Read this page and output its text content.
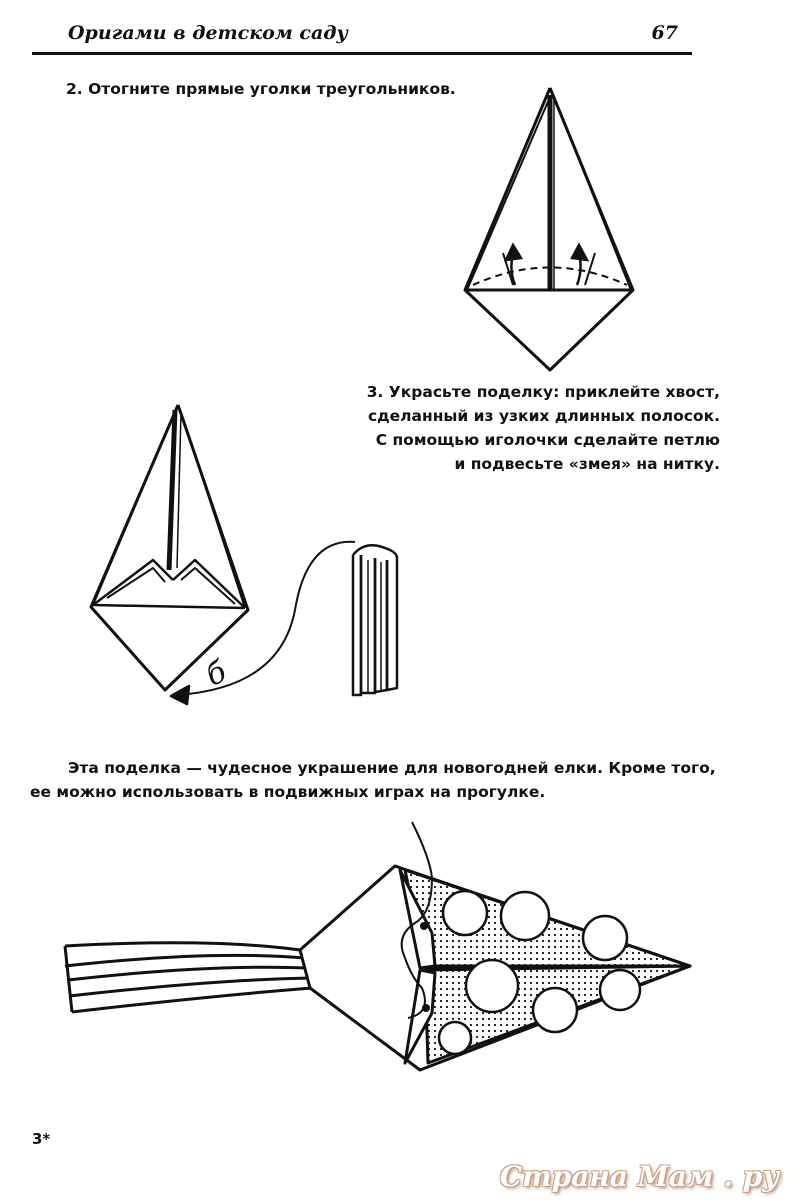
Оригами в детском саду	67
2. Отогните прямые уголки треугольников.
3. Украсьте поделку: приклейте хвост,
сделанный из узких длинных полосок.
С помощью иголочки сделайте петлю
и подвесьте «змея» на нитку.
б
Эта поделка — чудесное украшение для новогодней елки. Кроме того, ее можно использовать в подвижных играх на прогулке.
3*
Страна Мам . ру
